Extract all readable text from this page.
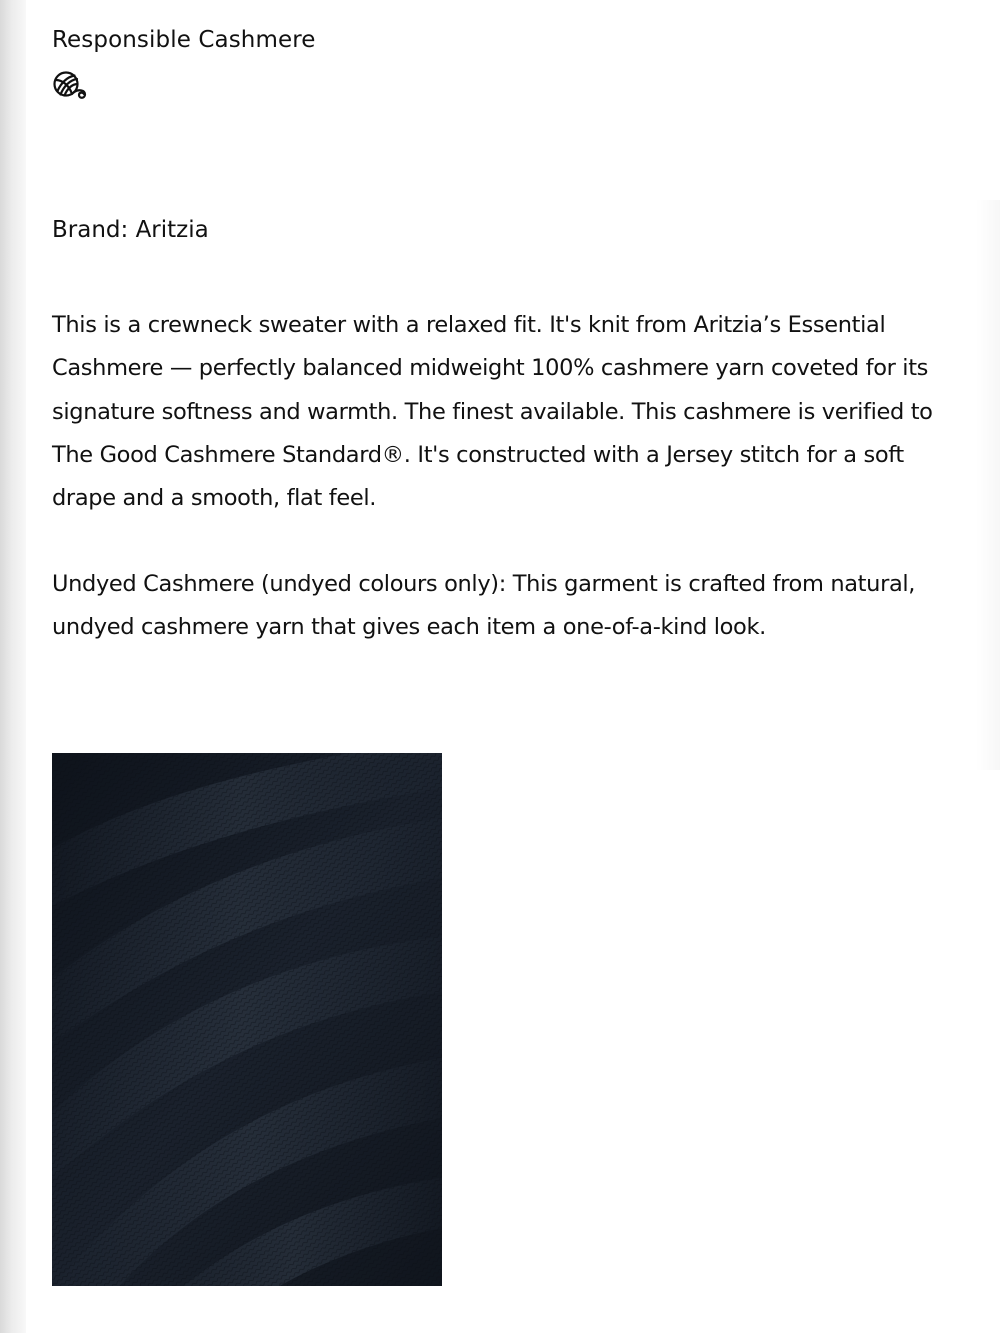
Responsible Cashmere
Brand: Aritzia

This is a crewneck sweater with a relaxed fit. It's knit from Aritzia’s Essential Cashmere — perfectly balanced midweight 100% cashmere yarn coveted for its signature softness and warmth. The finest available. This cashmere is verified to The Good Cashmere Standard®. It's constructed with a Jersey stitch for a soft drape and a smooth, flat feel.

Undyed Cashmere (undyed colours only): This garment is crafted from natural, undyed cashmere yarn that gives each item a one-of-a-kind look.
